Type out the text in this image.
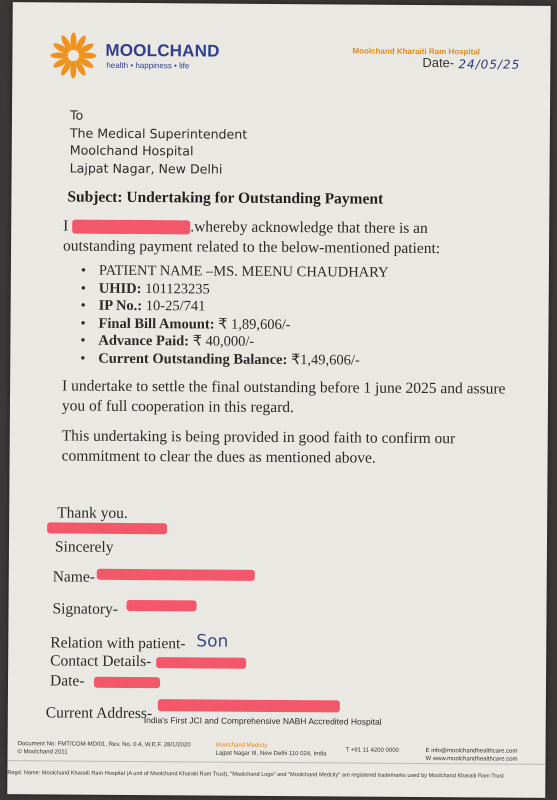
MOOLCHAND
health • happiness • life
Moolchand Kharaiti Ram Hospital
Date- 24/05/25
To
The Medical Superintendent
Moolchand Hospital
Lajpat Nagar, New Delhi
Subject: Undertaking for Outstanding Payment
I	.whereby acknowledge that there is an outstanding payment related to the below-mentioned patient:
• PATIENT NAME –MS. MEENU CHAUDHARY
• UHID: 101123235
• IP No.: 10-25/741
• Final Bill Amount: ₹ 1,89,606/-
• Advance Paid: ₹ 40,000/-
• Current Outstanding Balance: ₹1,49,606/-
I undertake to settle the final outstanding before 1 june 2025 and assure you of full cooperation in this regard.
This undertaking is being provided in good faith to confirm our commitment to clear the dues as mentioned above.
Thank you.
Sincerely
Name-
Signatory-
Relation with patient- Son
Contact Details-
Date-
Current Address-
India's First JCI and Comprehensive NABH Accredited Hospital
Document No: FMT/COM-MD/01, Rev. No. 0.4, W.E.F. 28/1/2020
© Moolchand 2011
Moolchand Medcity
Lajpat Nagar III, New Delhi 110 024, India	T +91 11 4200 0000	E info@moolchandhealthcare.com
W www.moolchandhealthcare.com
Regd. Name: Moolchand Kharaiti Ram Hospital (A unit of Moolchand Kharaiti Ram Trust). "Moolchand Logo" and "Moolchand Medcity" are registered trademarks used by Moolchand Kharaiti Ram Trust
